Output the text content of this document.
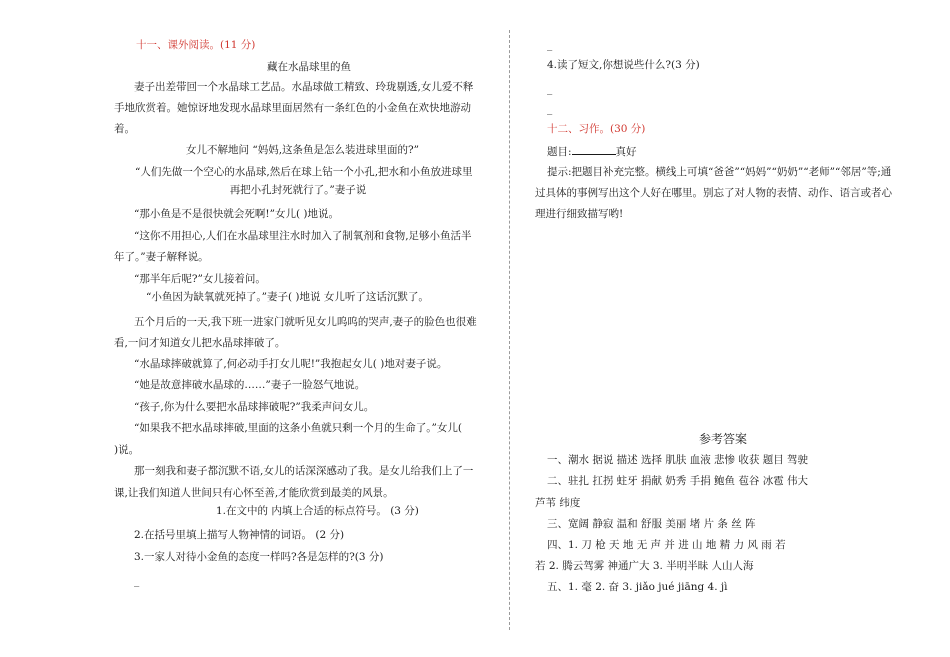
十一、课外阅读。(11 分)
藏在水晶球里的鱼
妻子出差带回一个水晶球工艺品。水晶球做工精致、玲珑剔透,女儿爱不释
手地欣赏着。她惊讶地发现水晶球里面居然有一条红色的小金鱼在欢快地游动
着。
女儿不解地问 “妈妈,这条鱼是怎么装进球里面的?”
“人们先做一个空心的水晶球,然后在球上钻一个小孔,把水和小鱼放进球里
再把小孔封死就行了。”妻子说
“那小鱼是不是很快就会死啊!”女儿( )地说。
“这你不用担心,人们在水晶球里注水时加入了制氧剂和食物,足够小鱼活半
年了。”妻子解释说。
“那半年后呢?”女儿接着问。
“小鱼因为缺氧就死掉了。”妻子( )地说 女儿听了这话沉默了。
五个月后的一天,我下班一进家门就听见女儿呜呜的哭声,妻子的脸色也很难
看,一问才知道女儿把水晶球摔破了。
“水晶球摔破就算了,何必动手打女儿呢!”我抱起女儿( )地对妻子说。
“她是故意摔破水晶球的……”妻子一脸怒气地说。
“孩子,你为什么要把水晶球摔破呢?”我柔声问女儿。
“如果我不把水晶球摔破,里面的这条小鱼就只剩一个月的生命了。”女儿(
)说。
那一刻我和妻子都沉默不语,女儿的话深深感动了我。是女儿给我们上了一
课,让我们知道人世间只有心怀至善,才能欣赏到最美的风景。
1.在文中的 内填上合适的标点符号。 (3 分)
2.在括号里填上描写人物神情的词语。 (2 分)
3.一家人对待小金鱼的态度一样吗?各是怎样的?(3 分)
_
_
4.读了短文,你想说些什么?(3 分)
_
_
十二、习作。(30 分)
题目:	真好
提示:把题目补充完整。横线上可填“爸爸”“妈妈”“奶奶”“老师”“邻居”等;通
过具体的事例写出这个人好在哪里。别忘了对人物的表情、动作、语言或者心
理进行细致描写哟!
参考答案
一、潮水 据说 描述 选择 肌肤 血液 悲惨 收获 题目 驾驶
二、驻扎 扛拐 蛀牙 捐献 奶秀 手捐 鲍鱼 苞谷 冰雹 伟大
芦苇 纬度
三、宽阔 静寂 温和 舒服 美丽 堵 片 条 丝 阵
四、1. 刀 枪 天 地 无 声 并 进 山 地 精 力 风 雨 若
若 2. 腾云驾雾 神通广大 3. 半明半昧 人山人海
五、1. 毫 2. 奋 3. jiǎo jué jiāng 4. jì
